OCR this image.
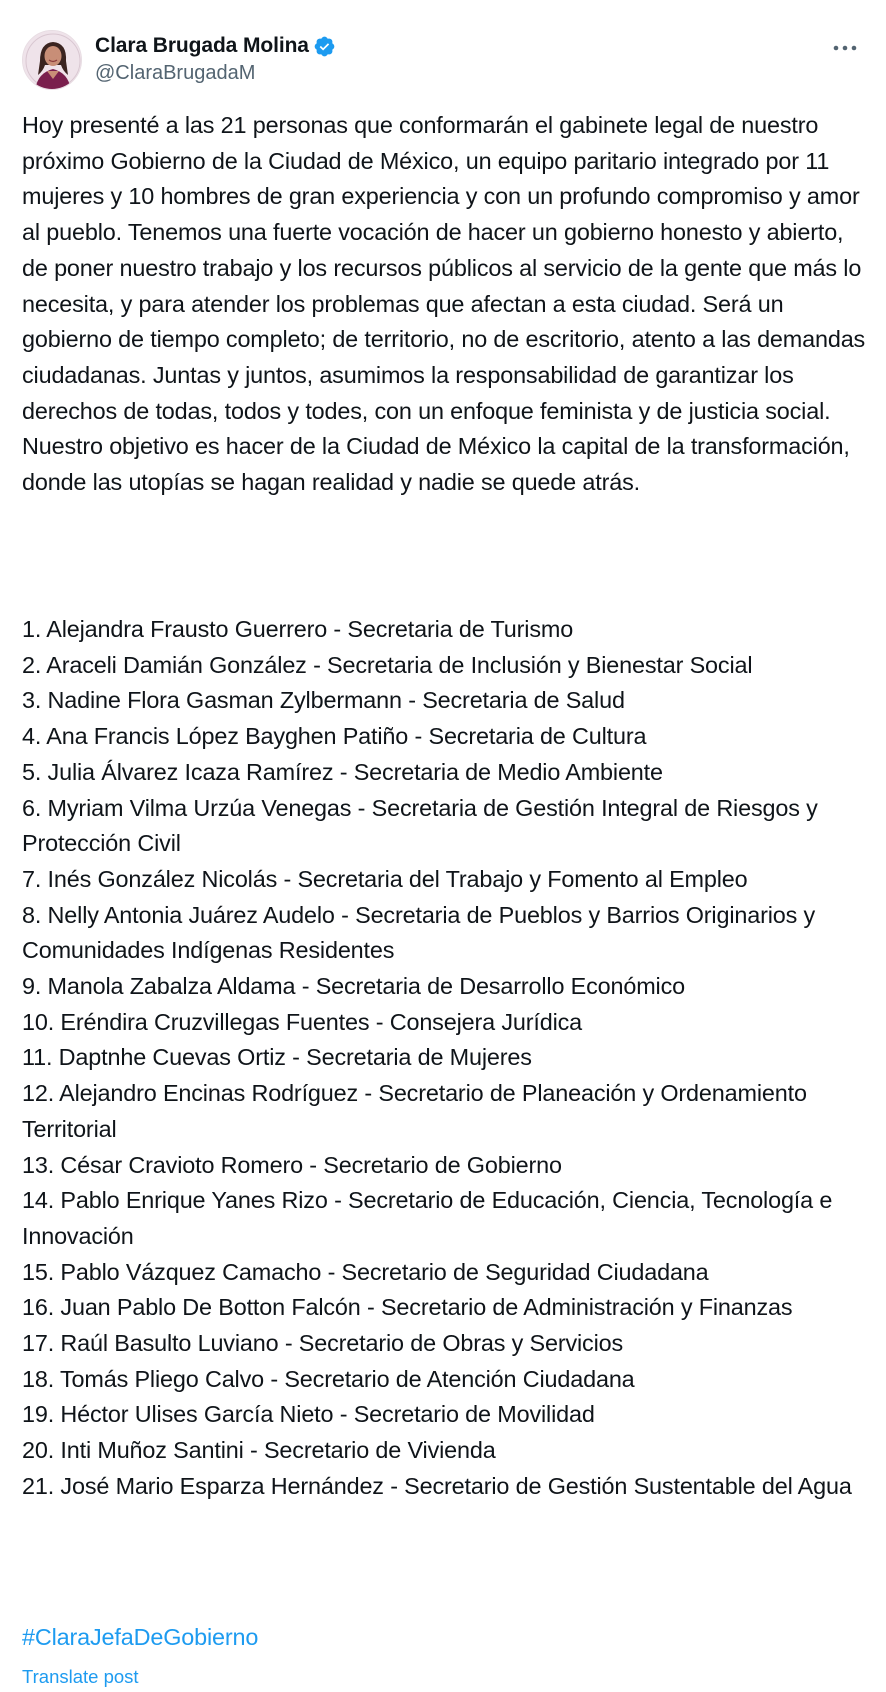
Clara Brugada Molina
@ClaraBrugadaM
Hoy presenté a las 21 personas que conformarán el gabinete legal de nuestro próximo Gobierno de la Ciudad de México, un equipo paritario integrado por 11 mujeres y 10 hombres de gran experiencia y con un profundo compromiso y amor al pueblo. Tenemos una fuerte vocación de hacer un gobierno honesto y abierto, de poner nuestro trabajo y los recursos públicos al servicio de la gente que más lo necesita, y para atender los problemas que afectan a esta ciudad. Será un gobierno de tiempo completo; de territorio, no de escritorio, atento a las demandas ciudadanas. Juntas y juntos, asumimos la responsabilidad de garantizar los derechos de todas, todos y todes, con un enfoque feminista y de justicia social. Nuestro objetivo es hacer de la Ciudad de México la capital de la transformación, donde las utopías se hagan realidad y nadie se quede atrás.
1. Alejandra Frausto Guerrero - Secretaria de Turismo
2. Araceli Damián González - Secretaria de Inclusión y Bienestar Social
3. Nadine Flora Gasman Zylbermann - Secretaria de Salud
4. Ana Francis López Bayghen Patiño - Secretaria de Cultura
5. Julia Álvarez Icaza Ramírez - Secretaria de Medio Ambiente
6. Myriam Vilma Urzúa Venegas - Secretaria de Gestión Integral de Riesgos y Protección Civil
7. Inés González Nicolás - Secretaria del Trabajo y Fomento al Empleo
8. Nelly Antonia Juárez Audelo - Secretaria de Pueblos y Barrios Originarios y Comunidades Indígenas Residentes
9. Manola Zabalza Aldama - Secretaria de Desarrollo Económico
10. Eréndira Cruzvillegas Fuentes - Consejera Jurídica
11. Daptnhe Cuevas Ortiz - Secretaria de Mujeres
12. Alejandro Encinas Rodríguez - Secretario de Planeación y Ordenamiento Territorial
13. César Cravioto Romero - Secretario de Gobierno
14. Pablo Enrique Yanes Rizo - Secretario de Educación, Ciencia, Tecnología e Innovación
15. Pablo Vázquez Camacho - Secretario de Seguridad Ciudadana
16. Juan Pablo De Botton Falcón - Secretario de Administración y Finanzas
17. Raúl Basulto Luviano - Secretario de Obras y Servicios
18. Tomás Pliego Calvo - Secretario de Atención Ciudadana
19. Héctor Ulises García Nieto - Secretario de Movilidad
20. Inti Muñoz Santini - Secretario de Vivienda
21. José Mario Esparza Hernández - Secretario de Gestión Sustentable del Agua
#ClaraJefaDeGobierno
Translate post
